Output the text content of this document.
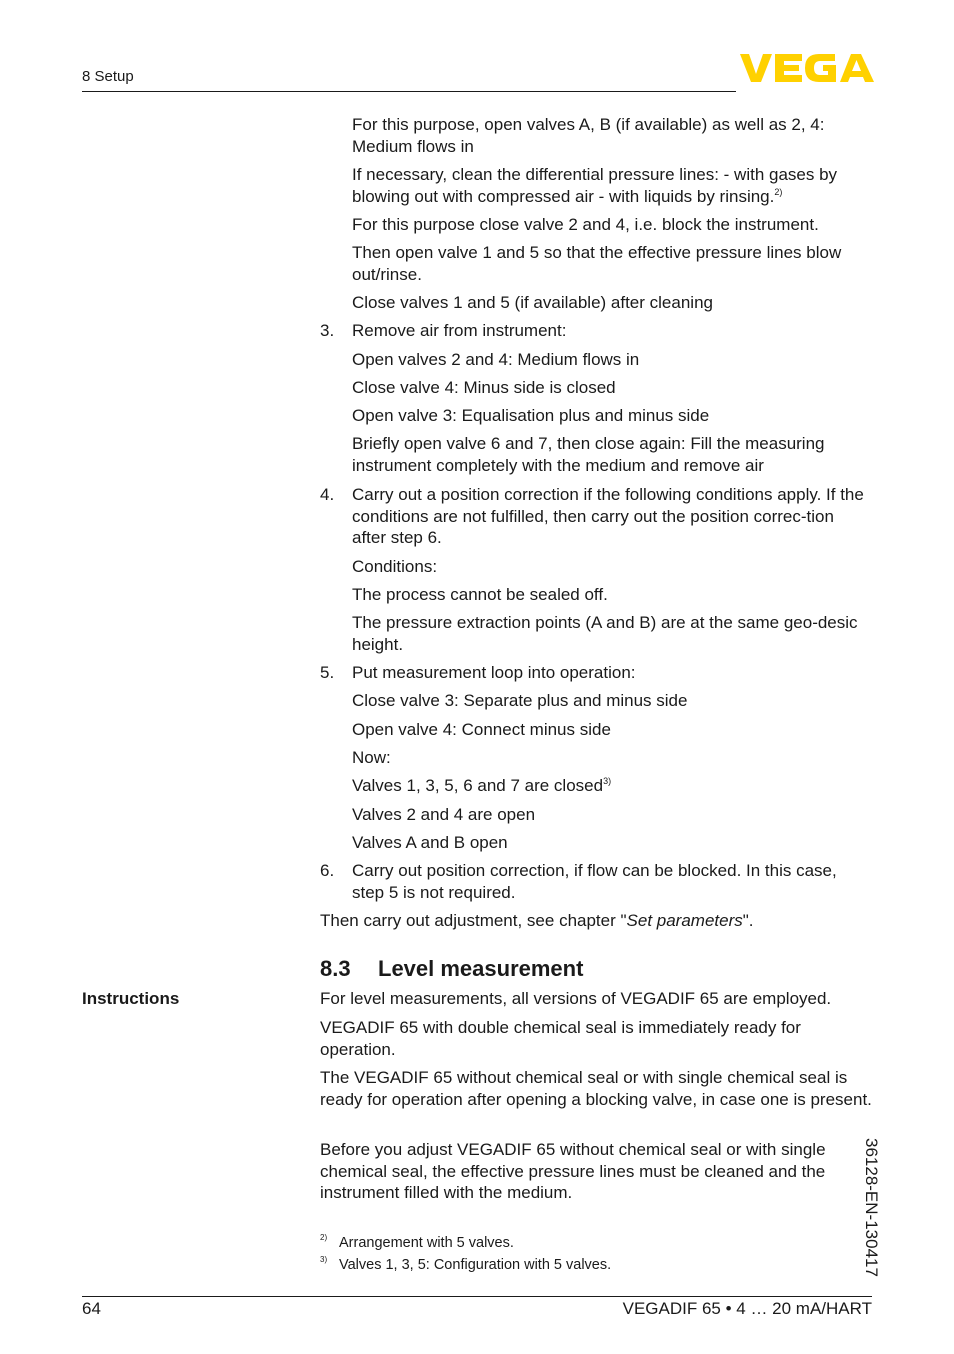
8 Setup
For this purpose, open valves A, B (if available) as well as 2, 4: Medium flows in
If necessary, clean the differential pressure lines: - with gases by blowing out with compressed air - with liquids by rinsing.$^{2)}$
For this purpose close valve 2 and 4, i.e. block the instrument.
Then open valve 1 and 5 so that the effective pressure lines blow out/rinse.
Close valves 1 and 5 (if available) after cleaning
3.	Remove air from instrument:
Open valves 2 and 4: Medium flows in
Close valve 4: Minus side is closed
Open valve 3: Equalisation plus and minus side
Briefly open valve 6 and 7, then close again: Fill the measuring instrument completely with the medium and remove air
4.	Carry out a position correction if the following conditions apply. If the conditions are not fulfilled, then carry out the position correc-tion after step 6.
Conditions:
The process cannot be sealed off.
The pressure extraction points (A and B) are at the same geo-desic height.
5.	Put measurement loop into operation:
Close valve 3: Separate plus and minus side
Open valve 4: Connect minus side
Now:
Valves 1, 3, 5, 6 and 7 are closed$^{3)}$
Valves 2 and 4 are open
Valves A and B open
6.	Carry out position correction, if flow can be blocked. In this case, step 5 is not required.
Then carry out adjustment, see chapter "Set parameters".
8.3 Level measurement
Instructions	For level measurements, all versions of VEGADIF 65 are employed.
VEGADIF 65 with double chemical seal is immediately ready for operation.
The VEGADIF 65 without chemical seal or with single chemical seal is ready for operation after opening a blocking valve, in case one is present.
Before you adjust VEGADIF 65 without chemical seal or with single chemical seal, the effective pressure lines must be cleaned and the instrument filled with the medium.
2) Arrangement with 5 valves.
3) Valves 1, 3, 5: Configuration with 5 valves.	36128-EN-130417
64	VEGADIF 65 • 4 … 20 mA/HART
